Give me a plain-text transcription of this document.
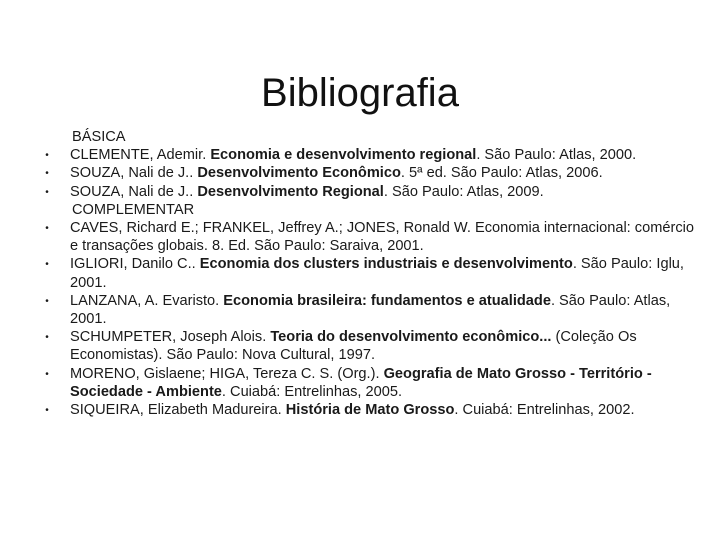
Bibliografia
BÁSICA
•	CLEMENTE, Ademir. Economia e desenvolvimento regional. São Paulo: Atlas, 2000.
•	SOUZA, Nali de J.. Desenvolvimento Econômico. 5ª ed. São Paulo: Atlas, 2006.
•	SOUZA, Nali de J.. Desenvolvimento Regional. São Paulo: Atlas, 2009.
COMPLEMENTAR
•	CAVES, Richard E.; FRANKEL, Jeffrey A.; JONES, Ronald W. Economia internacional: comércio e transações globais. 8. Ed. São Paulo: Saraiva, 2001.
•	IGLIORI, Danilo C.. Economia dos clusters industriais e desenvolvimento. São Paulo: Iglu, 2001.
•	LANZANA, A. Evaristo. Economia brasileira: fundamentos e atualidade. São Paulo: Atlas, 2001.
•	SCHUMPETER, Joseph Alois. Teoria do desenvolvimento econômico... (Coleção Os Economistas). São Paulo: Nova Cultural, 1997.
•	MORENO, Gislaene; HIGA, Tereza C. S. (Org.). Geografia de Mato Grosso - Território - Sociedade - Ambiente. Cuiabá: Entrelinhas, 2005.
•	SIQUEIRA, Elizabeth Madureira. História de Mato Grosso. Cuiabá: Entrelinhas, 2002.
